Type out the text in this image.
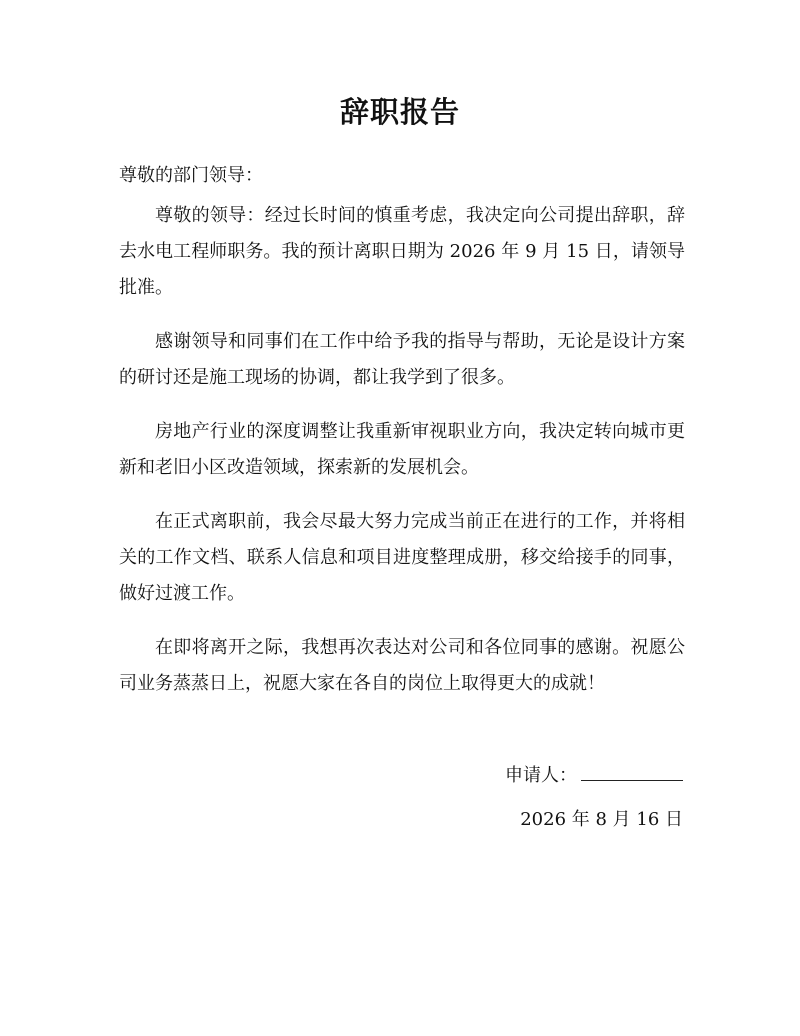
辞职报告
尊敬的部门领导：

尊敬的领导：经过长时间的慎重考虑，我决定向公司提出辞职，辞去水电工程师职务。我的预计离职日期为 2026 年 9 月 15 日，请领导批准。

感谢领导和同事们在工作中给予我的指导与帮助，无论是设计方案的研讨还是施工现场的协调，都让我学到了很多。

房地产行业的深度调整让我重新审视职业方向，我决定转向城市更新和老旧小区改造领域，探索新的发展机会。

在正式离职前，我会尽最大努力完成当前正在进行的工作，并将相关的工作文档、联系人信息和项目进度整理成册，移交给接手的同事，做好过渡工作。

在即将离开之际，我想再次表达对公司和各位同事的感谢。祝愿公司业务蒸蒸日上，祝愿大家在各自的岗位上取得更大的成就！

申请人：
2026 年 8 月 16 日
